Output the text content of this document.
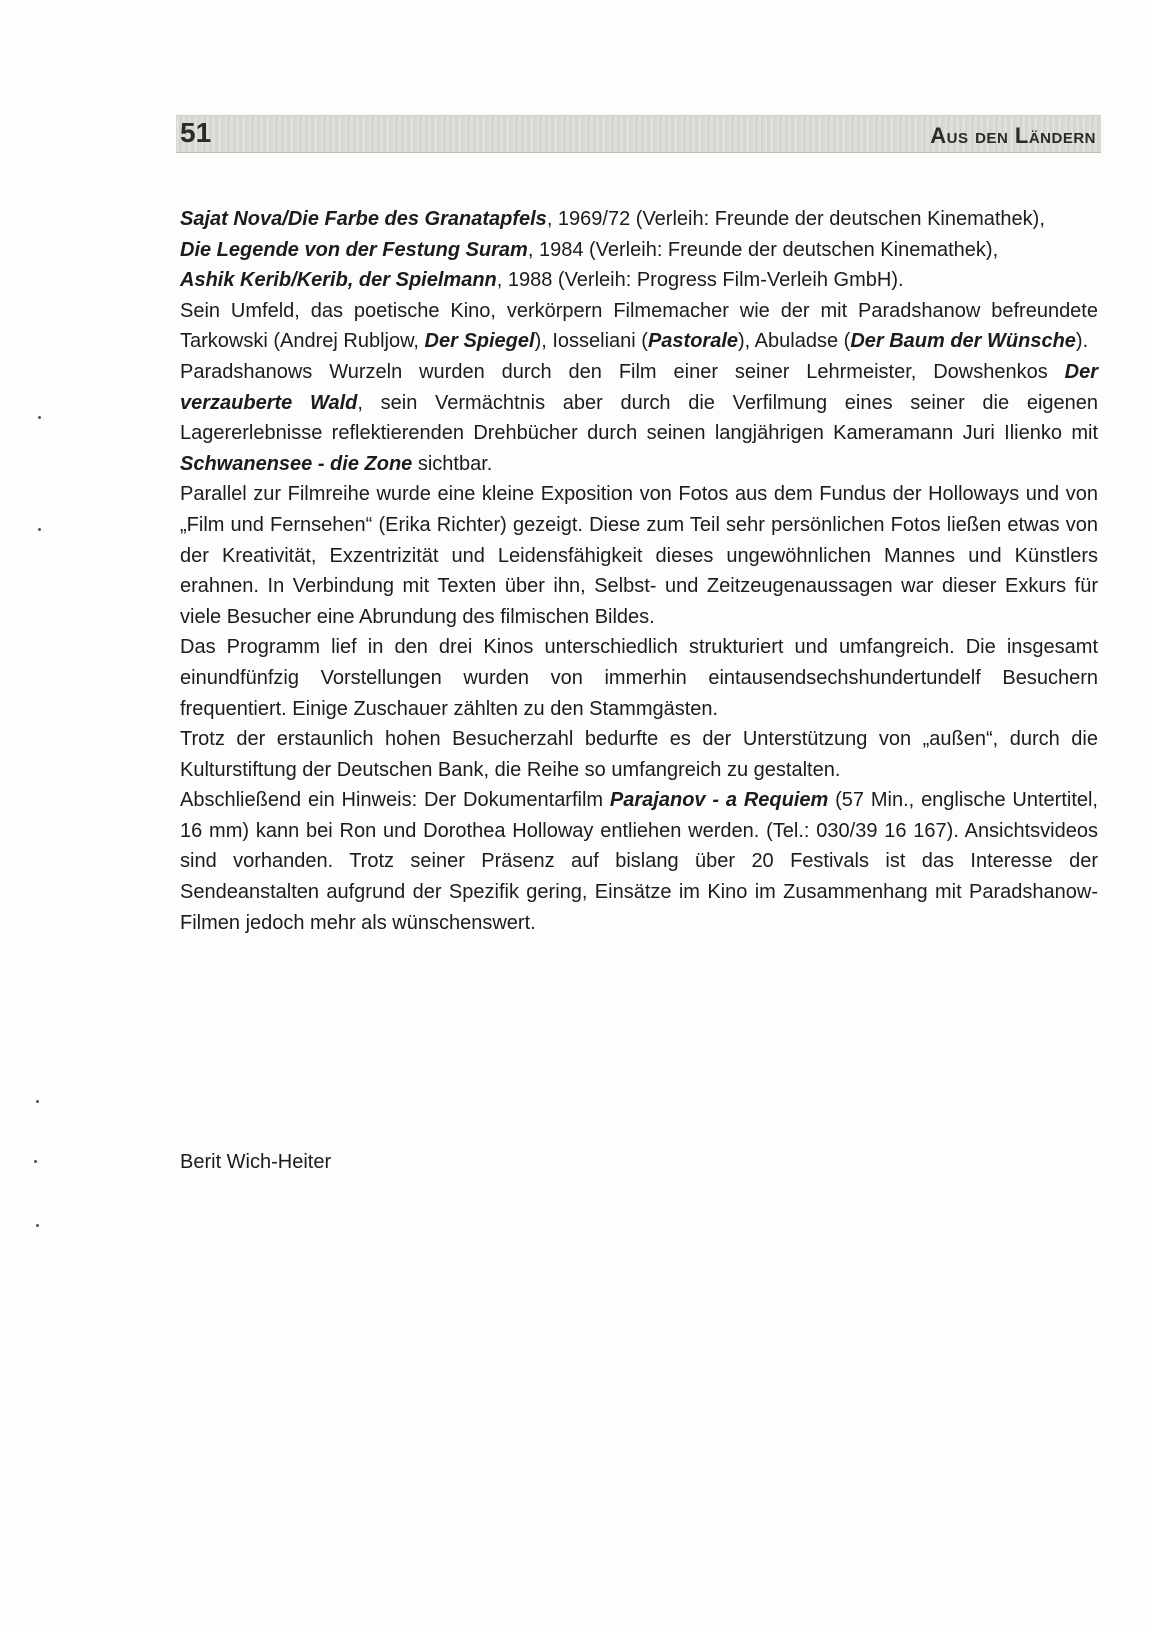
51	Aus den Ländern

Sajat Nova/Die Farbe des Granatapfels, 1969/72 (Verleih: Freunde der deutschen Kinemathek),

Die Legende von der Festung Suram, 1984 (Verleih: Freunde der deutschen Kinemathek),

Ashik Kerib/Kerib, der Spielmann, 1988 (Verleih: Progress Film-Verleih GmbH).

Sein Umfeld, das poetische Kino, verkörpern Filmemacher wie der mit Paradshanow befreundete Tarkowski (Andrej Rubljow, Der Spiegel), Iosseliani (Pastorale), Abuladse (Der Baum der Wünsche).

Paradshanows Wurzeln wurden durch den Film einer seiner Lehrmeister, Dowshenkos Der verzauberte Wald, sein Vermächtnis aber durch die Verfilmung eines seiner die eigenen Lagererlebnisse reflektierenden Drehbücher durch seinen langjährigen Kameramann Juri Ilienko mit Schwanensee - die Zone sichtbar.

Parallel zur Filmreihe wurde eine kleine Exposition von Fotos aus dem Fundus der Holloways und von „Film und Fernsehen“ (Erika Richter) gezeigt. Diese zum Teil sehr persönlichen Fotos ließen etwas von der Kreativität, Exzentrizität und Leidensfähigkeit dieses ungewöhnlichen Mannes und Künstlers erahnen. In Verbindung mit Texten über ihn, Selbst- und Zeitzeugenaussagen war dieser Exkurs für viele Besucher eine Abrundung des filmischen Bildes.

Das Programm lief in den drei Kinos unterschiedlich strukturiert und umfangreich. Die insgesamt einundfünfzig Vorstellungen wurden von immerhin eintausendsechshundertundelf Besuchern frequentiert. Einige Zuschauer zählten zu den Stammgästen.

Trotz der erstaunlich hohen Besucherzahl bedurfte es der Unterstützung von „außen“, durch die Kulturstiftung der Deutschen Bank, die Reihe so umfangreich zu gestalten.

Abschließend ein Hinweis: Der Dokumentarfilm Parajanov - a Requiem (57 Min., englische Untertitel, 16 mm) kann bei Ron und Dorothea Holloway entliehen werden. (Tel.: 030/39 16 167). Ansichtsvideos sind vorhanden. Trotz seiner Präsenz auf bislang über 20 Festivals ist das Interesse der Sendeanstalten aufgrund der Spezifik gering, Einsätze im Kino im Zusammenhang mit Paradshanow-Filmen jedoch mehr als wünschenswert.

Berit Wich-Heiter
